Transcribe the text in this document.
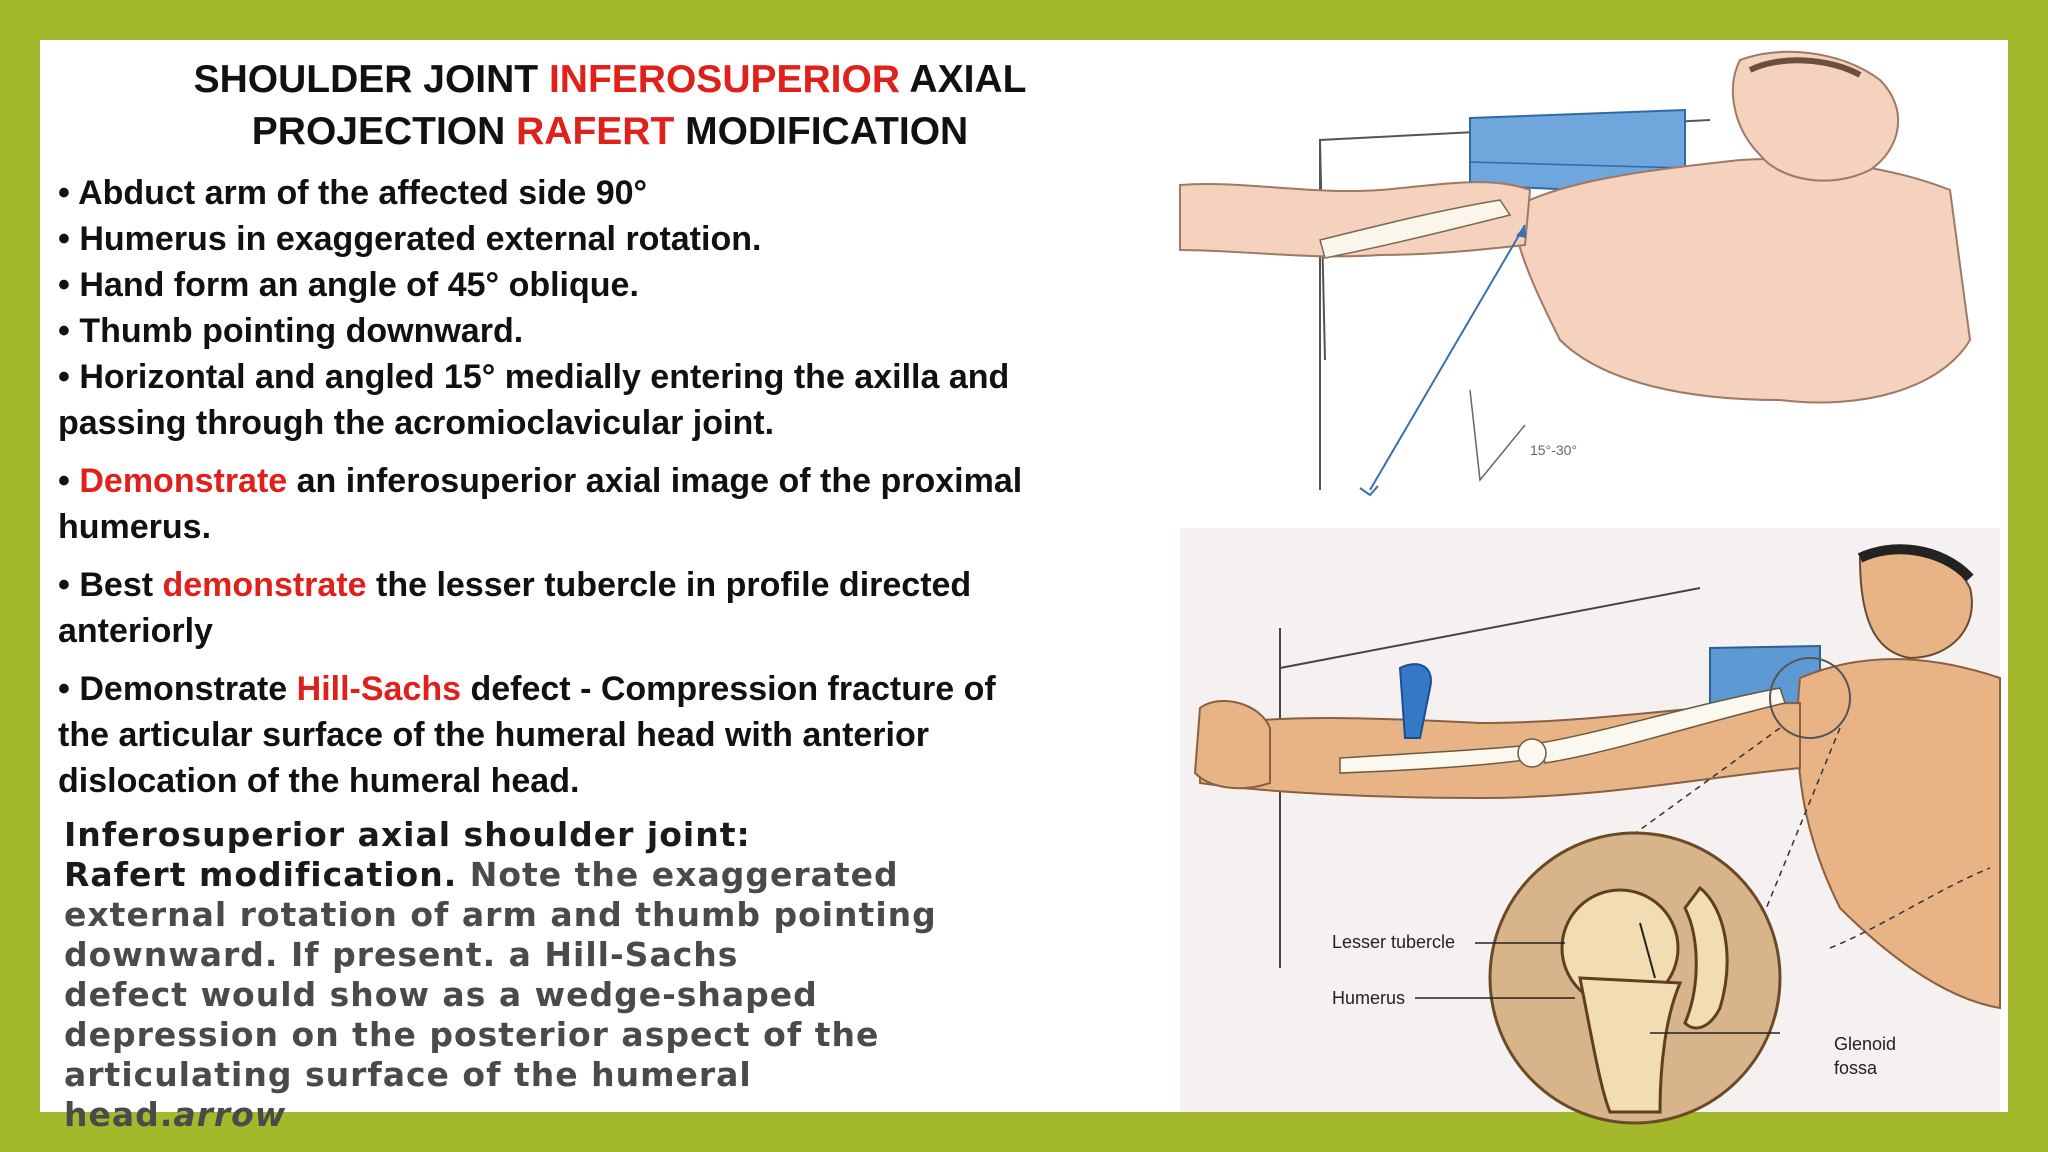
SHOULDER JOINT INFEROSUPERIOR AXIAL
PROJECTION RAFERT MODIFICATION
• Abduct arm of the affected side 90°
• Humerus in exaggerated external rotation.
• Hand form an angle of 45° oblique.
• Thumb pointing downward.
• Horizontal and angled 15° medially entering the axilla and
passing through the acromioclavicular joint.
• Demonstrate an inferosuperior axial image of the proximal
humerus.
• Best demonstrate the lesser tubercle in profile directed
anteriorly
• Demonstrate Hill-Sachs defect - Compression fracture of
the articular surface of the humeral head with anterior
dislocation of the humeral head.
Inferosuperior axial shoulder joint:
Rafert modification. Note the exaggerated
external rotation of arm and thumb pointing
downward. If present. a Hill-Sachs
defect would show as a wedge-shaped
depression on the posterior aspect of the
articulating surface of the humeral
head.arrow
15°-30°
Lesser tubercle
Humerus
Glenoid
fossa
